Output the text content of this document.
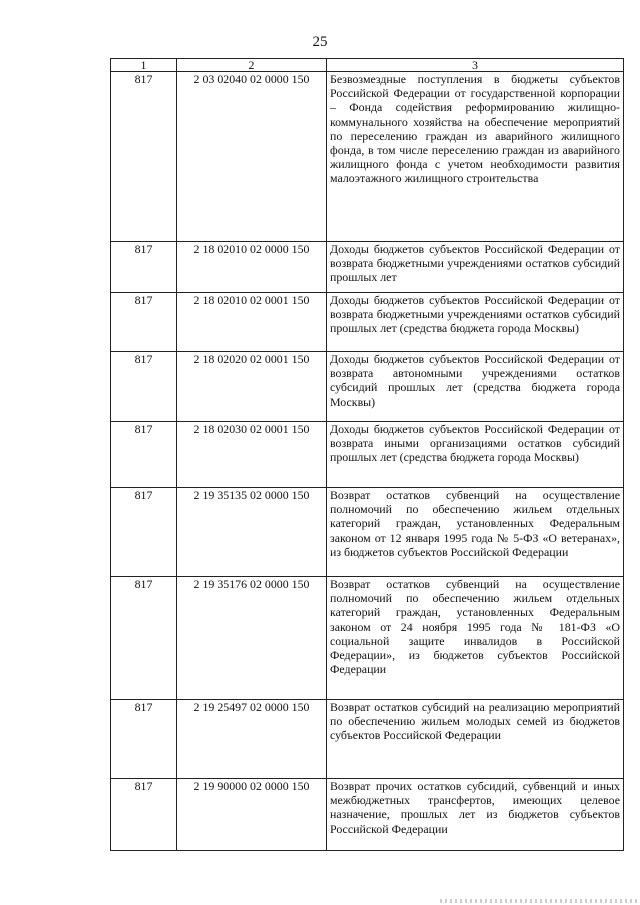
25
1	2	3
817	2 03 02040 02 0000 150	Безвозмездные поступления в бюджеты субъектов Российской Федерации от государственной корпорации – Фонда содействия реформированию жилищно-коммунального хозяйства на обеспечение мероприятий по переселению граждан из аварийного жилищного фонда, в том числе переселению граждан из аварийного жилищного фонда с учетом необходимости развития малоэтажного жилищного строительства
817	2 18 02010 02 0000 150	Доходы бюджетов субъектов Российской Федерации от возврата бюджетными учреждениями остатков субсидий прошлых лет
817	2 18 02010 02 0001 150	Доходы бюджетов субъектов Российской Федерации от возврата бюджетными учреждениями остатков субсидий прошлых лет (средства бюджета города Москвы)
817	2 18 02020 02 0001 150	Доходы бюджетов субъектов Российской Федерации от возврата автономными учреждениями остатков субсидий прошлых лет (средства бюджета города Москвы)
817	2 18 02030 02 0001 150	Доходы бюджетов субъектов Российской Федерации от возврата иными организациями остатков субсидий прошлых лет (средства бюджета города Москвы)
817	2 19 35135 02 0000 150	Возврат остатков субвенций на осуществление полномочий по обеспечению жильем отдельных категорий граждан, установленных Федеральным законом от 12 января 1995 года № 5-ФЗ «О ветеранах», из бюджетов субъектов Российской Федерации
817	2 19 35176 02 0000 150	Возврат остатков субвенций на осуществление полномочий по обеспечению жильем отдельных категорий граждан, установленных Федеральным законом от 24 ноября 1995 года № 181-ФЗ «О социальной защите инвалидов в Российской Федерации», из бюджетов субъектов Российской Федерации
817	2 19 25497 02 0000 150	Возврат остатков субсидий на реализацию мероприятий по обеспечению жильем молодых семей из бюджетов субъектов Российской Федерации
817	2 19 90000 02 0000 150	Возврат прочих остатков субсидий, субвенций и иных межбюджетных трансфертов, имеющих целевое назначение, прошлых лет из бюджетов субъектов Российской Федерации
